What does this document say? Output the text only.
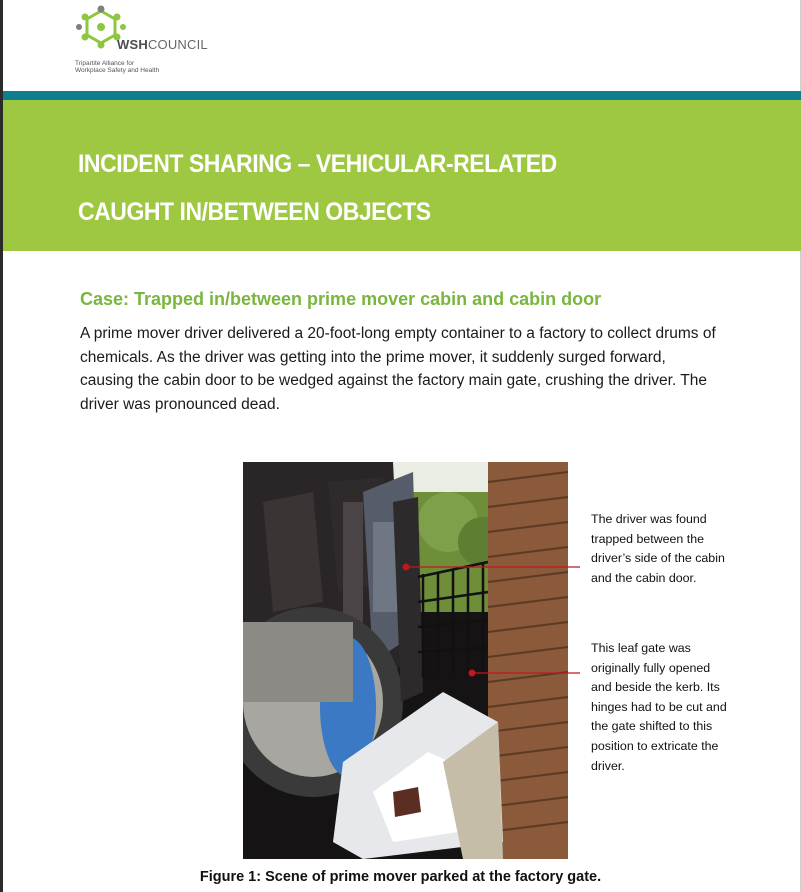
WSHCOUNCIL
Tripartite Alliance for
Workplace Safety and Health
INCIDENT SHARING – VEHICULAR-RELATED
CAUGHT IN/BETWEEN OBJECTS
Case: Trapped in/between prime mover cabin and cabin door
A prime mover driver delivered a 20-foot-long empty container to a factory to collect drums of chemicals. As the driver was getting into the prime mover, it suddenly surged forward, causing the cabin door to be wedged against the factory main gate, crushing the driver. The driver was pronounced dead.
The driver was found trapped between the driver’s side of the cabin and the cabin door.
This leaf gate was originally fully opened and beside the kerb. Its hinges had to be cut and the gate shifted to this position to extricate the driver.
Figure 1: Scene of prime mover parked at the factory gate.
